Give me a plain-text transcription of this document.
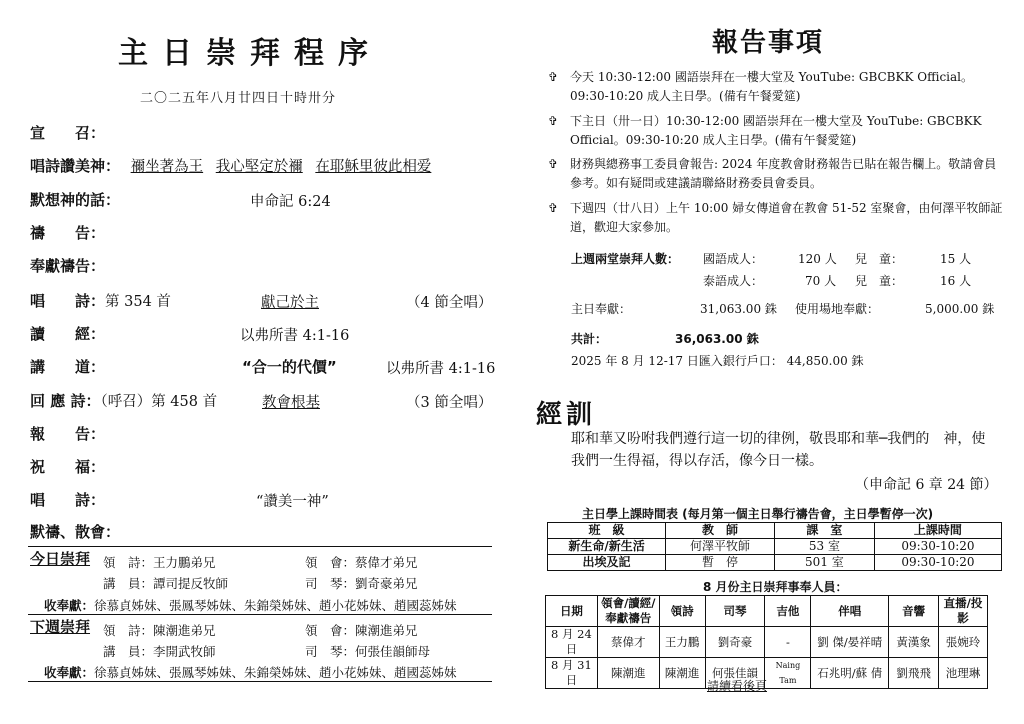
主日崇拜程序
二〇二五年八月廿四日十時卅分
宣　　召：
唱詩讚美神： 禰坐著為王 我心堅定於禰 在耶穌里彼此相爱
默想神的話：	申命記 6:24
禱　　告：
奉獻禱告：
唱　　詩：第 354 首	獻己於主	（4 節全唱）
讀　　經：	以弗所書 4:1-16
講　　道：	“合一的代價”	以弗所書 4:1-16
回 應 詩：（呼召）第 458 首	教會根基	（3 節全唱）
報　　告：
祝　　福：
唱　　詩：	“讚美一神”
默禱、散會：
今日崇拜 領　詩：王力鵬弟兄	領　會：蔡偉才弟兄
講　員：譚司提反牧師	司　琴：劉奇豪弟兄
收奉獻：徐慕貞姊妹、張鳳琴姊妹、朱錦榮姊妹、趙小花姊妹、趙國蕊姊妹
下週崇拜 領　詩：陳潮進弟兄	領　會：陳潮進弟兄
講　員：李開武牧師	司　琴：何張佳韻師母
收奉獻：徐慕貞姊妹、張鳳琴姊妹、朱錦榮姊妹、趙小花姊妹、趙國蕊姊妹
報告事項
✞ 今天 10:30-12:00 國語崇拜在一樓大堂及 YouTube: GBCBKK Official。09:30-10:20 成人主日學。(備有午餐愛筵)
✞ 下主日（卅一日）10:30-12:00 國語崇拜在一樓大堂及 YouTube: GBCBKK Official。09:30-10:20 成人主日學。(備有午餐愛筵)
✞ 財務與總務事工委員會報告: 2024 年度教會財務報告已貼在報告欄上。敬請會員參考。如有疑問或建議請聯絡財務委員會委員。
✞ 下週四（廿八日）上午 10:00 婦女傳道會在教會 51-52 室聚會，由何澤平牧師証道，歡迎大家參加。
上週兩堂崇拜人數： 國語成人：	120 人 兒　童：	15 人
泰語成人：	70 人 兒　童：	16 人
主日奉獻：	31,063.00 銖 使用場地奉獻：	5,000.00 銖
共計：	36,063.00 銖
2025 年 8 月 12-17 日匯入銀行戶口： 44,850.00 銖
經訓
耶和華又吩咐我們遵行這一切的律例，敬畏耶和華─我們的　神，使我們一生得福，得以存活，像今日一樣。
（申命記 6 章 24 節）
主日學上課時間表 (每月第一個主日舉行禱告會，主日學暫停一次)
班　級	教　師	課　室	上課時間
新生命/新生活	何澤平牧師	53 室	09:30-10:20
出埃及記	暫　停	501 室	09:30-10:20
8 月份主日崇拜事奉人員：
日期	領會/讀經/奉獻禱告	領詩	司琴	吉他	伴唱	音響	直播/投影
8 月 24 日	蔡偉才	王力鵬	劉奇豪	-	劉 傑/晏祥晴	黃漢象	張婉玲
8 月 31 日	陳潮進	陳潮進	何張佳韻	Naing Tam	石兆明/蘇 倩	劉飛飛	池理琳
請續看後頁
